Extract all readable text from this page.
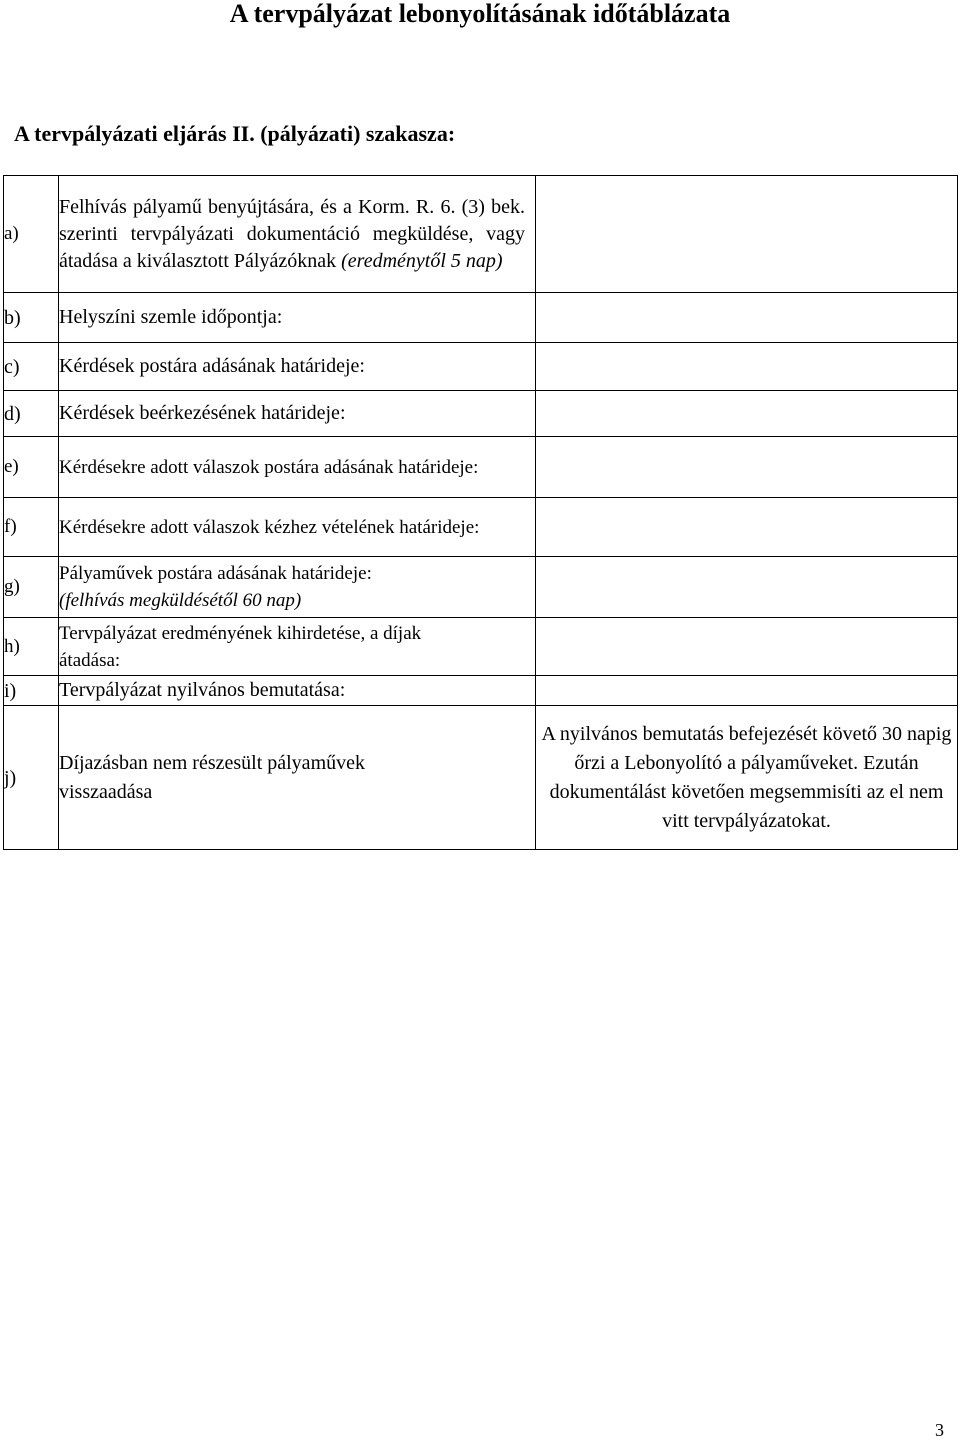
A tervpályázat lebonyolításának időtáblázata
A tervpályázati eljárás II. (pályázati) szakasza:
a)	Felhívás pályamű benyújtására, és a Korm. R. 6. (3) bek. szerinti tervpályázati dokumentáció megküldése, vagy átadása a kiválasztott Pályázóknak (eredménytől 5 nap)	
b)	Helyszíni szemle időpontja:	
c)	Kérdések postára adásának határideje:	
d)	Kérdések beérkezésének határideje:	
e)	Kérdésekre adott válaszok postára adásának határideje:	
f)	Kérdésekre adott válaszok kézhez vételének határideje:	
g)	Pályaművek postára adásának határideje:
(felhívás megküldésétől 60 nap)	
h)	Tervpályázat eredményének kihirdetése, a díjak átadása:	
i)	Tervpályázat nyilvános bemutatása:	
j)	Díjazásban nem részesült pályaművek visszaadása	A nyilvános bemutatás befejezését követő 30 napig őrzi a Lebonyolító a pályaműveket. Ezután dokumentálást követően megsemmisíti az el nem vitt tervpályázatokat.
3
